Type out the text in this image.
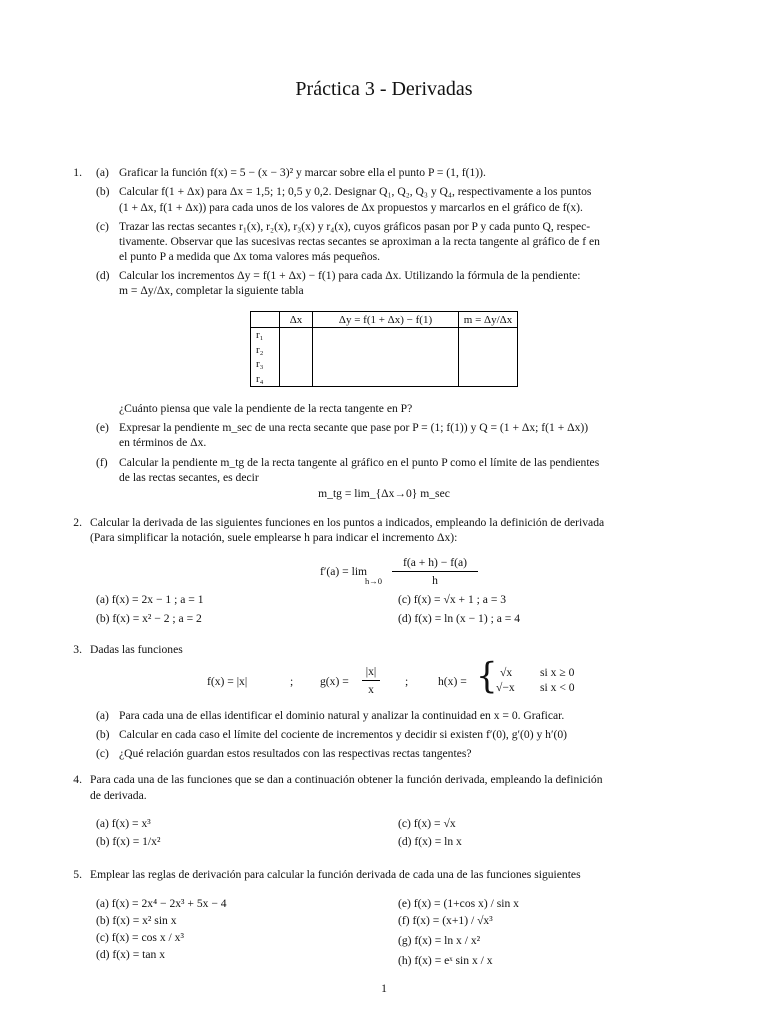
Práctica 3 - Derivadas
1. (a) Graficar la función f(x) = 5 − (x − 3)² y marcar sobre ella el punto P = (1, f(1)).
(b) Calcular f(1 + Δx) para Δx = 1,5; 1; 0,5 y 0,2. Designar Q₁, Q₂, Q₃ y Q₄, respectivamente a los puntos
(1 + Δx, f(1 + Δx)) para cada unos de los valores de Δx propuestos y marcarlos en el gráfico de f(x).
(c) Trazar las rectas secantes r₁(x), r₂(x), r₃(x) y r₄(x), cuyos gráficos pasan por P y cada punto Q, respec-
tivamente. Observar que las sucesivas rectas secantes se aproximan a la recta tangente al gráfico de f en
el punto P a medida que Δx toma valores más pequeños.
(d) Calcular los incrementos Δy = f(1 + Δx) − f(1) para cada Δx. Utilizando la fórmula de la pendiente:
m = Δy/Δx, completar la siguiente tabla
	Δx	Δy = f(1 + Δx) − f(1)	m = Δy/Δx

r₁
r₂
r₃
r₄			

¿Cuánto piensa que vale la pendiente de la recta tangente en P?
(e) Expresar la pendiente m_sec de una recta secante que pase por P = (1; f(1)) y Q = (1 + Δx; f(1 + Δx))
en términos de Δx.
(f) Calcular la pendiente m_tg de la recta tangente al gráfico en el punto P como el límite de las pendientes
de las rectas secantes, es decir
m_tg = lim_{Δx→0} m_sec
2. Calcular la derivada de las siguientes funciones en los puntos a indicados, empleando la definición de derivada
(Para simplificar la notación, suele emplearse h para indicar el incremento Δx):
f′(a) = lim
h→0
f(a + h) − f(a)
h
(a) f(x) = 2x − 1 ; a = 1
(b) f(x) = x² − 2 ; a = 2
(c) f(x) = √x + 1 ; a = 3
(d) f(x) = ln (x − 1) ; a = 4
3. Dadas las funciones
f(x) = |x|	; g(x) =
|x|
x
;	h(x) = { √x si x ≥ 0
√−x si x < 0
(a) Para cada una de ellas identificar el dominio natural y analizar la continuidad en x = 0. Graficar.
(b) Calcular en cada caso el límite del cociente de incrementos y decidir si existen f′(0), g′(0) y h′(0)
(c) ¿Qué relación guardan estos resultados con las respectivas rectas tangentes?
4. Para cada una de las funciones que se dan a continuación obtener la función derivada, empleando la definición
de derivada.
(a) f(x) = x³
(b) f(x) = 1/x²
(c) f(x) = √x
(d) f(x) = ln x
5. Emplear las reglas de derivación para calcular la función derivada de cada una de las funciones siguientes
(a) f(x) = 2x⁴ − 2x³ + 5x − 4
(b) f(x) = x² sin x
(c) f(x) = cos x / x³
(d) f(x) = tan x
(e) f(x) = (1+cos x) / sin x
(f) f(x) = (x+1) / √x³
(g) f(x) = ln x / x²
(h) f(x) = eˣ sin x / x
1
